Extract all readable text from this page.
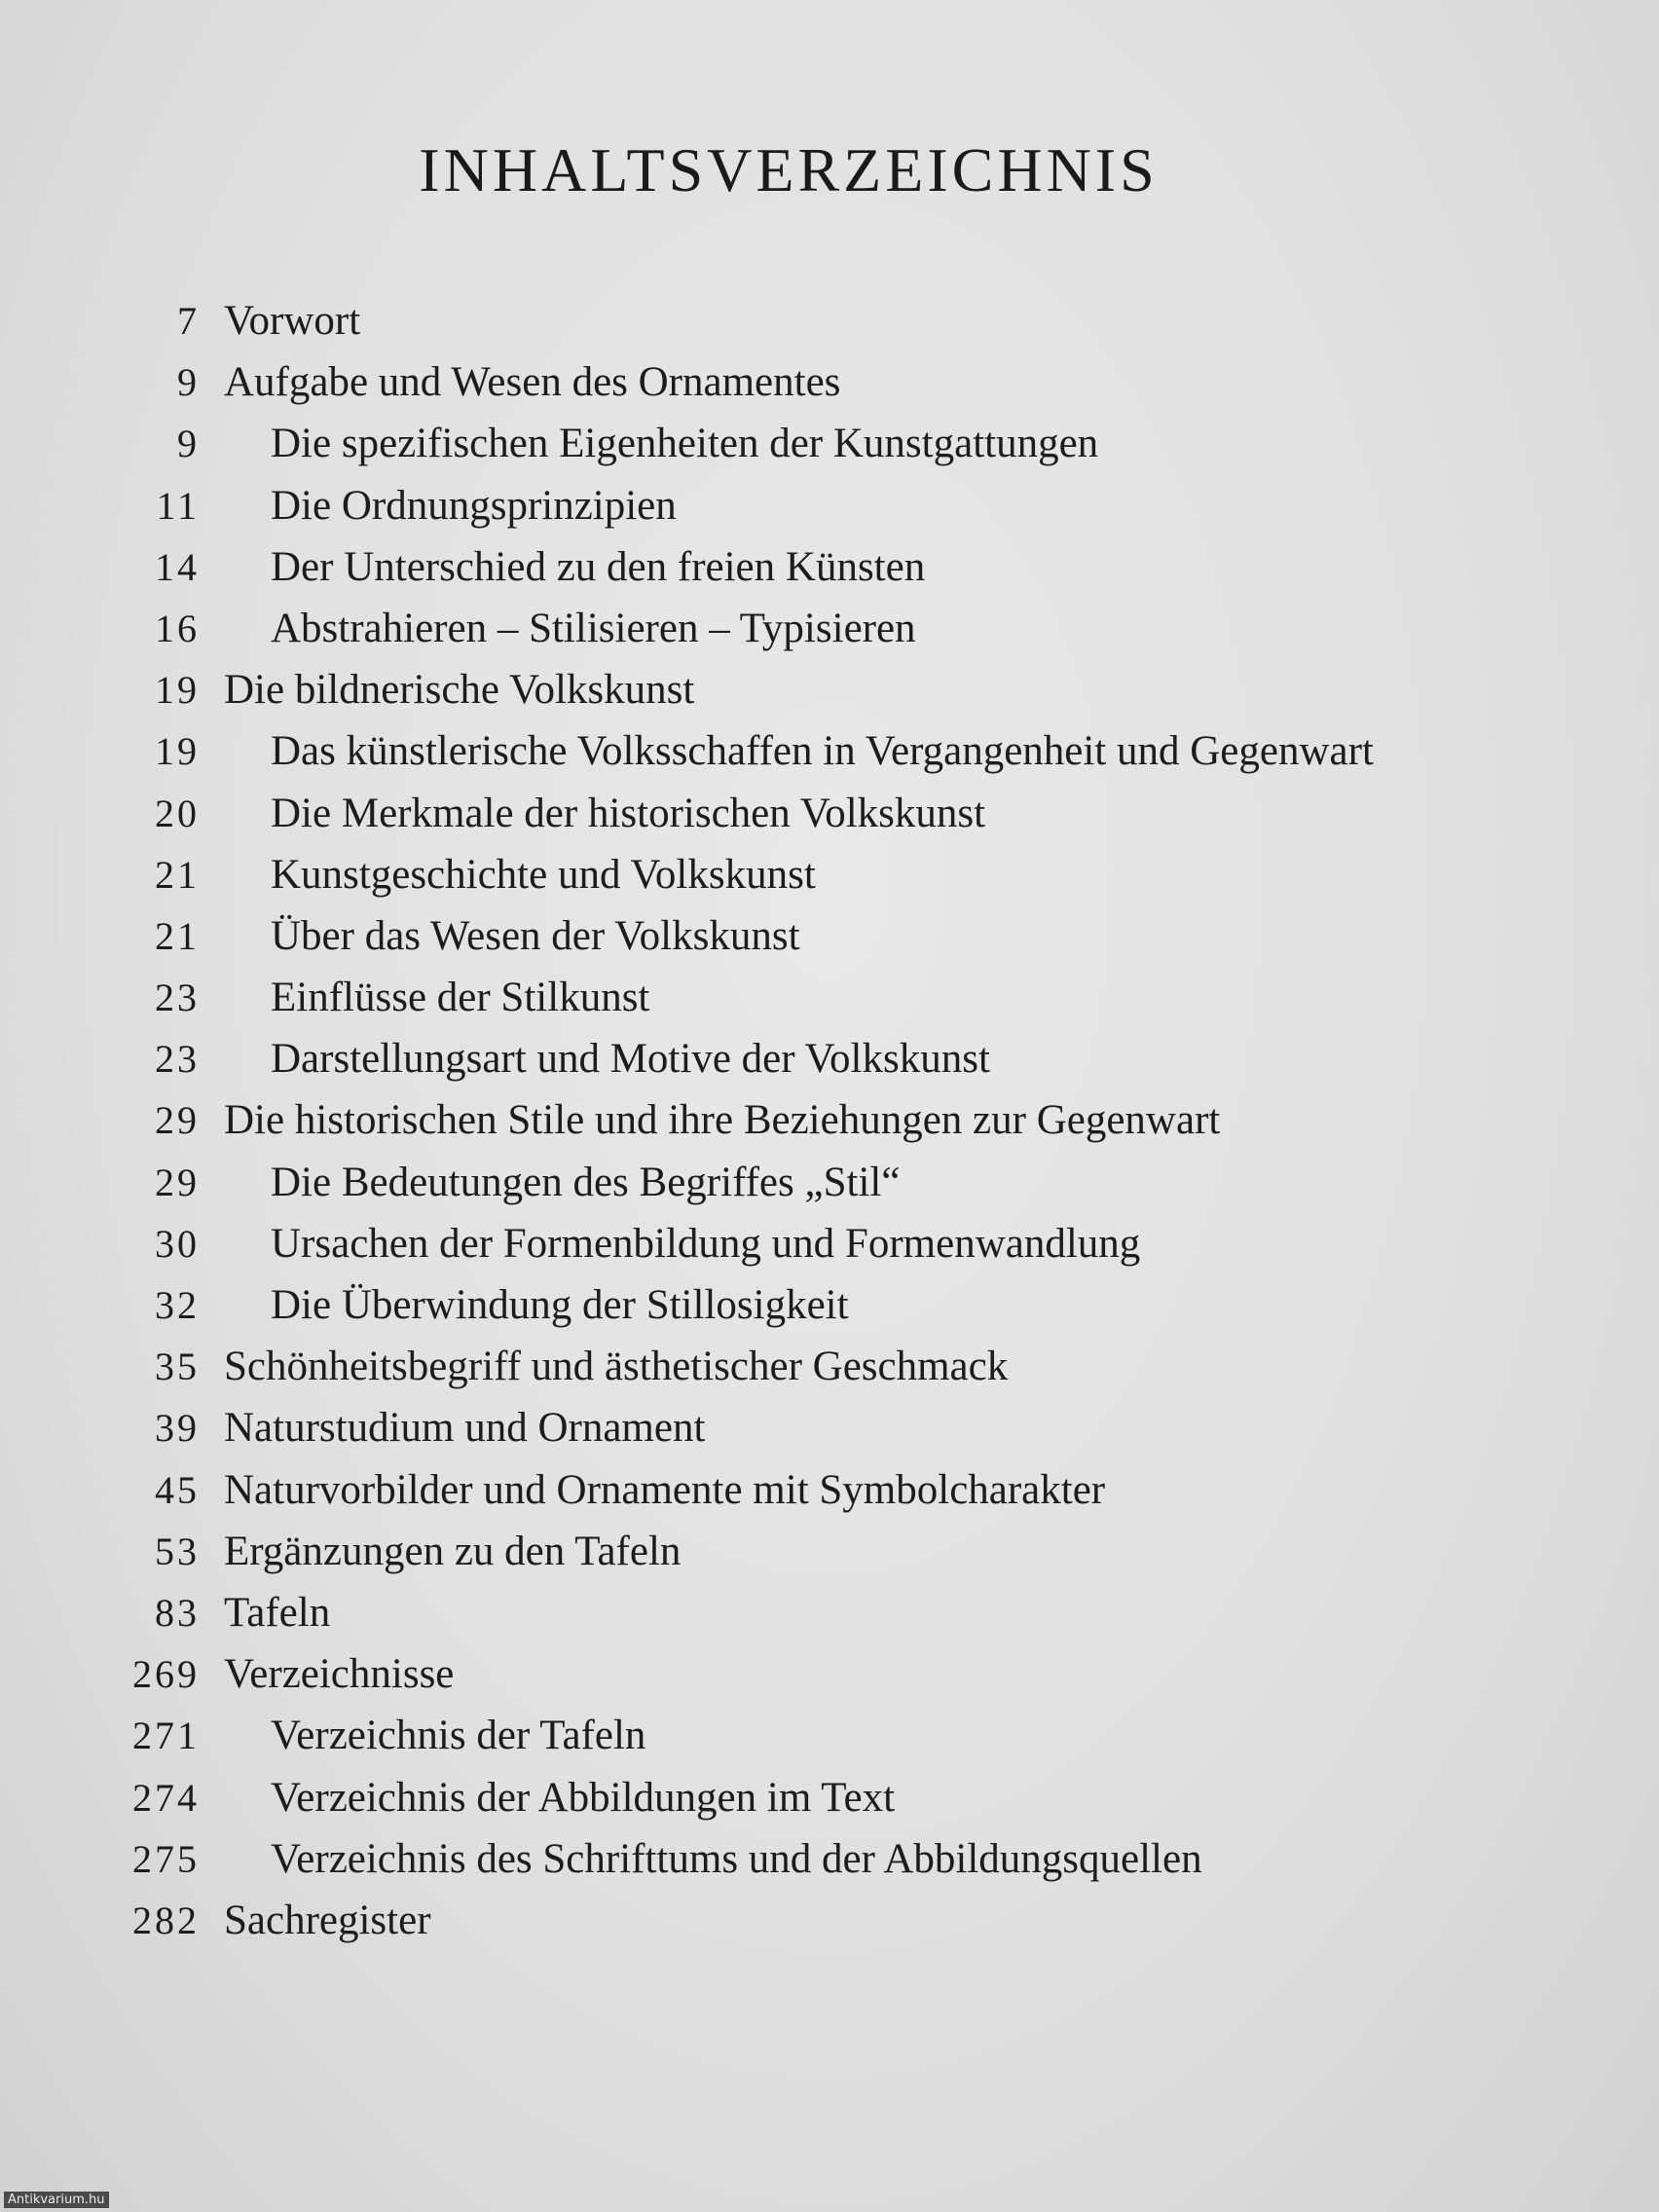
INHALTSVERZEICHNIS
7 Vorwort
9 Aufgabe und Wesen des Ornamentes
9 Die spezifischen Eigenheiten der Kunstgattungen
11 Die Ordnungsprinzipien
14 Der Unterschied zu den freien Künsten
16 Abstrahieren – Stilisieren – Typisieren
19 Die bildnerische Volkskunst
19 Das künstlerische Volksschaffen in Vergangenheit und Gegenwart
20 Die Merkmale der historischen Volkskunst
21 Kunstgeschichte und Volkskunst
21 Über das Wesen der Volkskunst
23 Einflüsse der Stilkunst
23 Darstellungsart und Motive der Volkskunst
29 Die historischen Stile und ihre Beziehungen zur Gegenwart
29 Die Bedeutungen des Begriffes „Stil“
30 Ursachen der Formenbildung und Formenwandlung
32 Die Überwindung der Stillosigkeit
35 Schönheitsbegriff und ästhetischer Geschmack
39 Naturstudium und Ornament
45 Naturvorbilder und Ornamente mit Symbolcharakter
53 Ergänzungen zu den Tafeln
83 Tafeln
269 Verzeichnisse
271 Verzeichnis der Tafeln
274 Verzeichnis der Abbildungen im Text
275 Verzeichnis des Schrifttums und der Abbildungsquellen
282 Sachregister
Antikvarium.hu
